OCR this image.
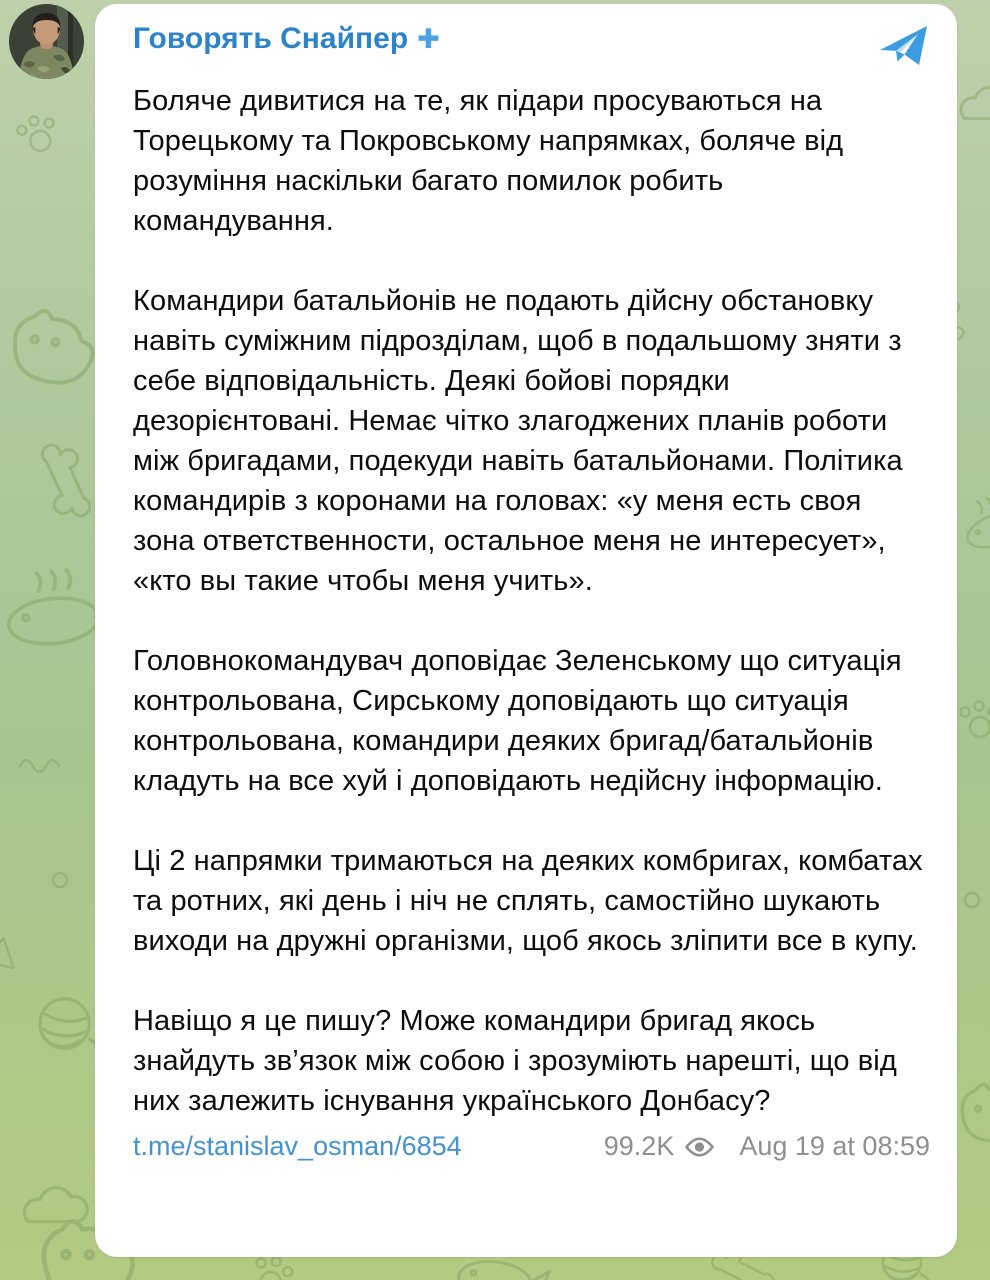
Говорять Снайпер ✚

Боляче дивитися на те, як підари просуваються на Торецькому та Покровському напрямках, боляче від розуміння наскільки багато помилок робить командування.

Командири батальйонів не подають дійсну обстановку навіть суміжним підрозділам, щоб в подальшому зняти з себе відповідальність. Деякі бойові порядки дезорієнтовані. Немає чітко злагоджених планів роботи між бригадами, подекуди навіть батальйонами. Політика командирів з коронами на головах: «у меня есть своя зона ответственности, остальное меня не интересует», «кто вы такие чтобы меня учить».

Головнокомандувач доповідає Зеленському що ситуація контрольована, Сирському доповідають що ситуація контрольована, командири деяких бригад/батальйонів кладуть на все хуй і доповідають недійсну інформацію.

Ці 2 напрямки тримаються на деяких комбригах, комбатах та ротних, які день і ніч не сплять, самостійно шукають виходи на дружні організми, щоб якось зліпити все в купу.

Навіщо я це пишу? Може командири бригад якось знайдуть зв’язок між собою і зрозуміють нарешті, що від них залежить існування українського Донбасу?

t.me/stanislav_osman/6854	99.2K Aug 19 at 08:59
